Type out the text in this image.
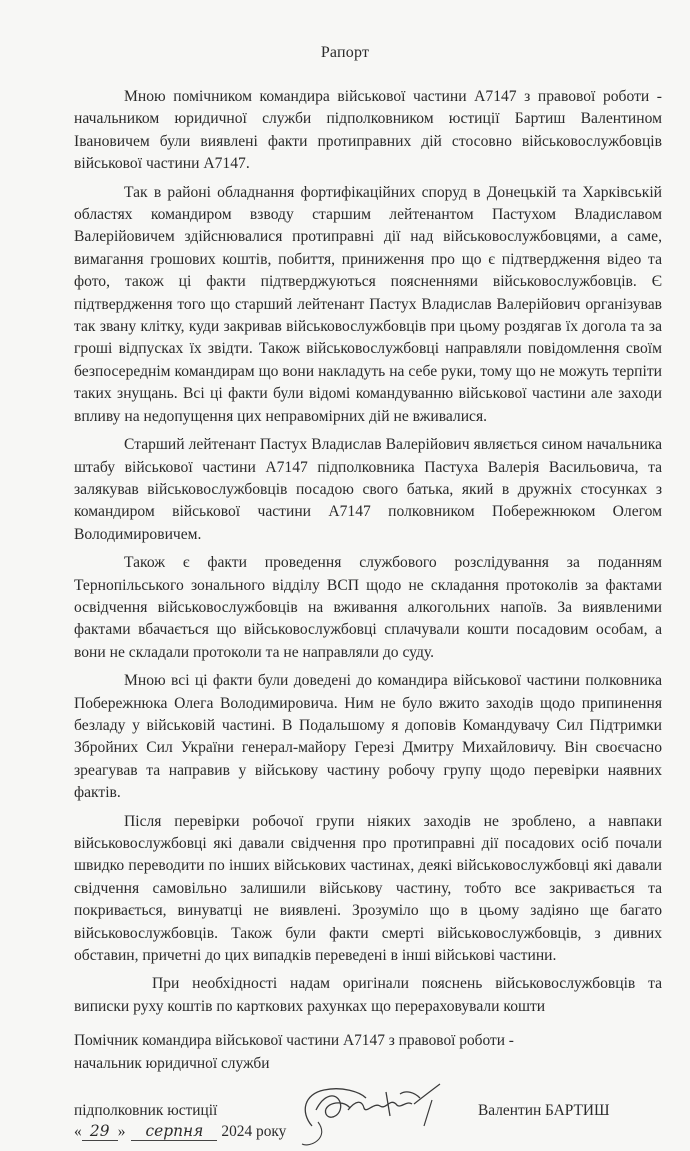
Рапорт

Мною помічником командира військової частини А7147 з правової роботи - начальником юридичної служби підполковником юстиції Бартиш Валентином Івановичем були виявлені факти протиправних дій стосовно військовослужбовців військової частини А7147.

Так в районі обладнання фортифікаційних споруд в Донецькій та Харківській областях командиром взводу старшим лейтенантом Пастухом Владиславом Валерійовичем здійснювалися протиправні дії над військовослужбовцями, а саме, вимагання грошових коштів, побиття, приниження про що є підтвердження відео та фото, також ці факти підтверджуються поясненнями військовослужбовців. Є підтвердження того що старший лейтенант Пастух Владислав Валерійович організував так звану клітку, куди закривав військовослужбовців при цьому роздягав їх догола та за гроші відпусках їх звідти. Також військовослужбовці направляли повідомлення своїм безпосереднім командирам що вони накладуть на себе руки, тому що не можуть терпіти таких знущань. Всі ці факти були відомі командуванню військової частини але заходи впливу на недопущення цих неправомірних дій не вживалися.

Старший лейтенант Пастух Владислав Валерійович являється сином начальника штабу військової частини А7147 підполковника Пастуха Валерія Васильовича, та залякував військовослужбовців посадою свого батька, який в дружніх стосунках з командиром військової частини А7147 полковником Побережнюком Олегом Володимировичем.

Також є факти проведення службового розслідування за поданням Тернопільського зонального відділу ВСП щодо не складання протоколів за фактами освідчення військовослужбовців на вживання алкогольних напоїв. За виявленими фактами вбачається що військовослужбовці сплачували кошти посадовим особам, а вони не складали протоколи та не направляли до суду.

Мною всі ці факти були доведені до командира військової частини полковника Побережнюка Олега Володимировича. Ним не було вжито заходів щодо припинення безладу у військовій частині. В Подальшому я доповів Командувачу Сил Підтримки Збройних Сил України генерал-майору Герезі Дмитру Михайловичу. Він своєчасно зреагував та направив у військову частину робочу групу щодо перевірки наявних фактів.

Після перевірки робочої групи ніяких заходів не зроблено, а навпаки військовослужбовці які давали свідчення про протиправні дії посадових осіб почали швидко переводити по інших військових частинах, деякі військовослужбовці які давали свідчення самовільно залишили військову частину, тобто все закривається та покривається, винуватці не виявлені. Зрозуміло що в цьому задіяно ще багато військовослужбовців. Також були факти смерті військовослужбовців, з дивних обставин, причетні до цих випадків переведені в інші військові частини.

При необхідності надам оригінали пояснень військовослужбовців та виписки руху коштів по карткових рахунках що перераховували кошти

Помічник командира військової частини А7147 з правової роботи -
начальник юридичної служби
підполковник юстиції	Валентин БАРТИШ
« 29 » серпня 2024 року
